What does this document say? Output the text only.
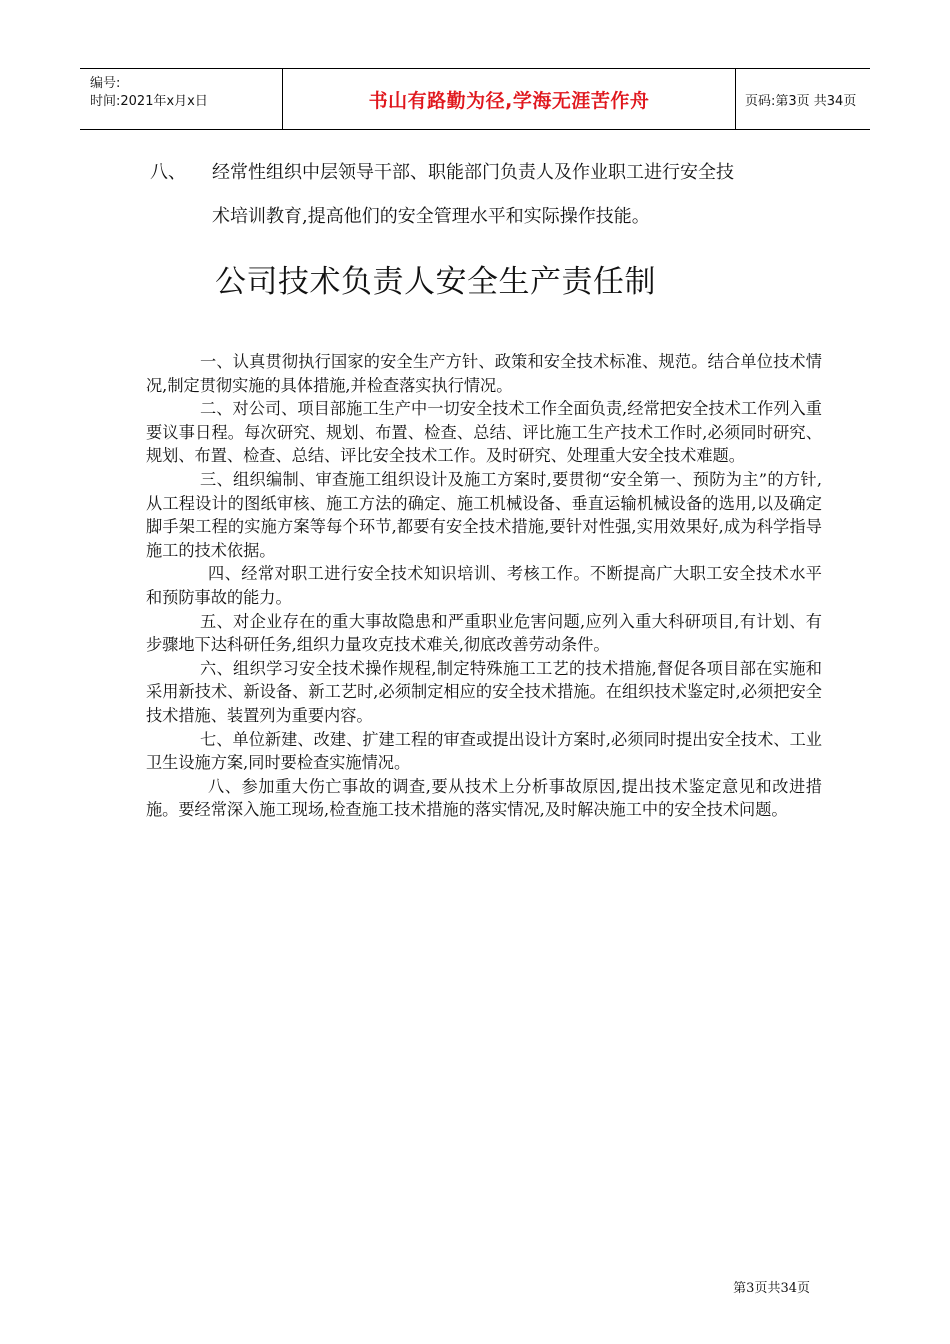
编号:
时间:2021年x月x日	书山有路勤为径,学海无涯苦作舟	页码:第3页 共34页
八、 经常性组织中层领导干部、职能部门负责人及作业职工进行安全技
术培训教育,提高他们的安全管理水平和实际操作技能。
公司技术负责人安全生产责任制

一、认真贯彻执行国家的安全生产方针、政策和安全技术标准、规范。结合单位技术情况,制定贯彻实施的具体措施,并检查落实执行情况。

二、对公司、项目部施工生产中一切安全技术工作全面负责,经常把安全技术工作列入重要议事日程。每次研究、规划、布置、检查、总结、评比施工生产技术工作时,必须同时研究、规划、布置、检查、总结、评比安全技术工作。及时研究、处理重大安全技术难题。

三、组织编制、审查施工组织设计及施工方案时,要贯彻“安全第一、预防为主”的方针,从工程设计的图纸审核、施工方法的确定、施工机械设备、垂直运输机械设备的选用,以及确定脚手架工程的实施方案等每个环节,都要有安全技术措施,要针对性强,实用效果好,成为科学指导施工的技术依据。

四、经常对职工进行安全技术知识培训、考核工作。不断提高广大职工安全技术水平和预防事故的能力。

五、对企业存在的重大事故隐患和严重职业危害问题,应列入重大科研项目,有计划、有步骤地下达科研任务,组织力量攻克技术难关,彻底改善劳动条件。

六、组织学习安全技术操作规程,制定特殊施工工艺的技术措施,督促各项目部在实施和采用新技术、新设备、新工艺时,必须制定相应的安全技术措施。在组织技术鉴定时,必须把安全技术措施、装置列为重要内容。

七、单位新建、改建、扩建工程的审查或提出设计方案时,必须同时提出安全技术、工业卫生设施方案,同时要检查实施情况。

八、参加重大伤亡事故的调查,要从技术上分析事故原因,提出技术鉴定意见和改进措施。要经常深入施工现场,检查施工技术措施的落实情况,及时解决施工中的安全技术问题。

第3页共34页
